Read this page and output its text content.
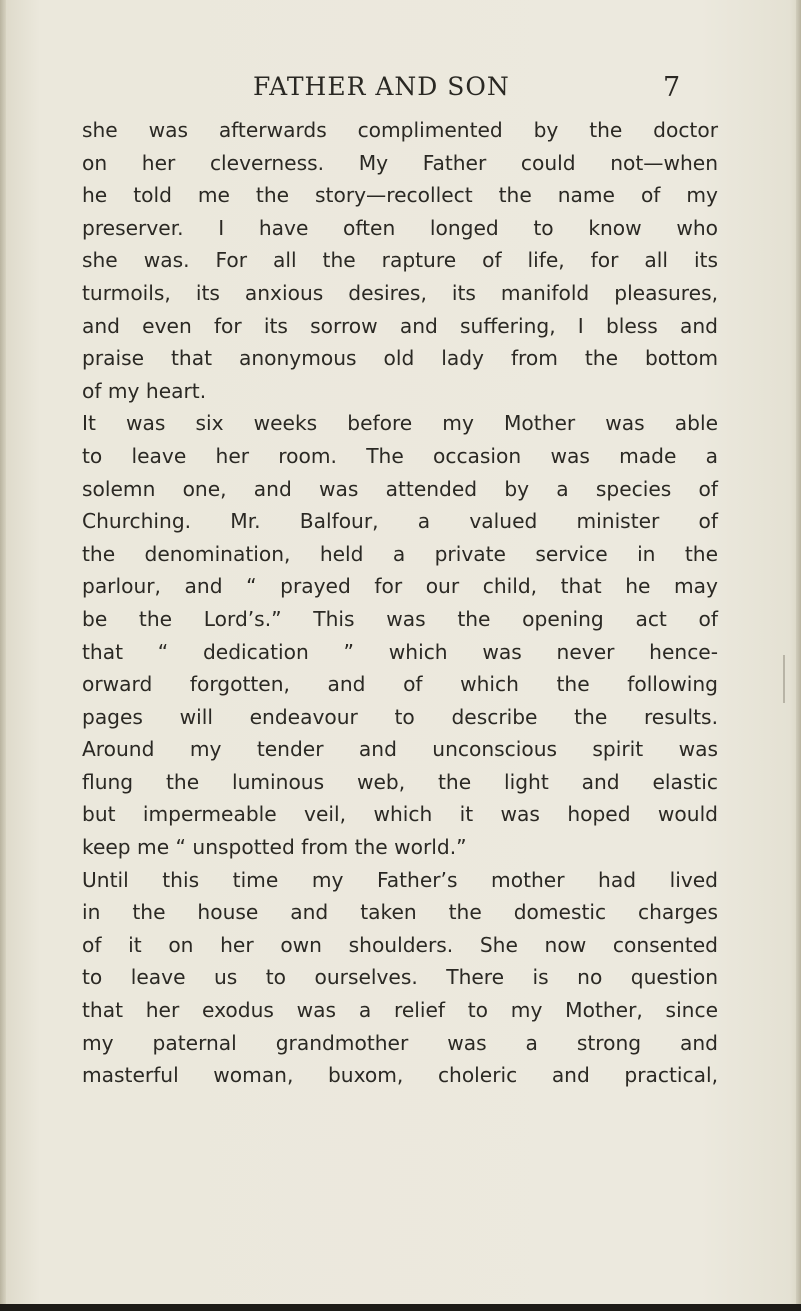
FATHER AND SON	7
she was afterwards complimented by the doctor
on her cleverness. My Father could not—when
he told me the story—recollect the name of my
preserver. I have often longed to know who
she was. For all the rapture of life, for all its
turmoils, its anxious desires, its manifold pleasures,
and even for its sorrow and suffering, I bless and
praise that anonymous old lady from the bottom
of my heart.
It was six weeks before my Mother was able
to leave her room. The occasion was made a
solemn one, and was attended by a species of
Churching. Mr. Balfour, a valued minister of
the denomination, held a private service in the
parlour, and “ prayed for our child, that he may
be the Lord’s.” This was the opening act of
that “ dedication ” which was never hence-
orward forgotten, and of which the following
pages will endeavour to describe the results.
Around my tender and unconscious spirit was
flung the luminous web, the light and elastic
but impermeable veil, which it was hoped would
keep me “ unspotted from the world.”
Until this time my Father’s mother had lived
in the house and taken the domestic charges
of it on her own shoulders. She now consented
to leave us to ourselves. There is no question
that her exodus was a relief to my Mother, since
my paternal grandmother was a strong and
masterful woman, buxom, choleric and practical,
